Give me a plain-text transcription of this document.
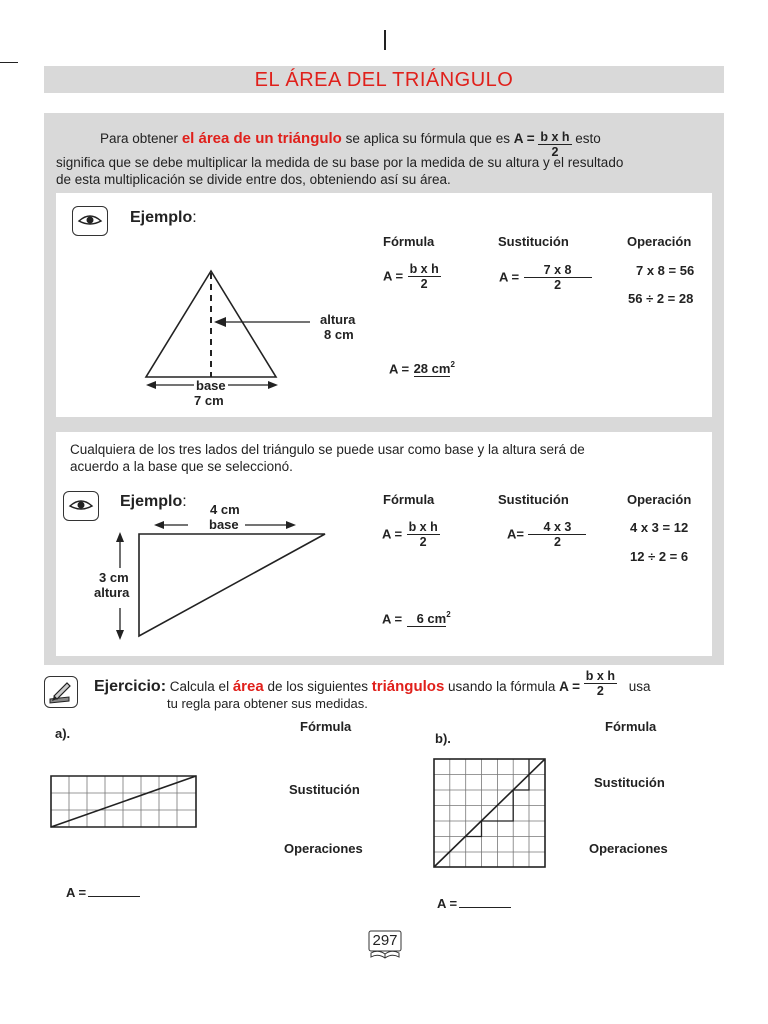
EL ÁREA DEL TRIÁNGULO
Para obtener el área de un triángulo se aplica su fórmula que es $A = \frac{\text{b x h}}{2}$ esto
significa que se debe multiplicar la medida de su base por la medida de su altura y el resultado
de esta multiplicación se divide entre dos, obteniendo así su área.
Ejemplo:
Fórmula	Sustitución	Operación
$A = \frac{\text{b x h}}{2}$	$A = \frac{7 x 8}{2}$	7 x 8 = 56
56 ÷ 2 = 28
altura
8 cm
base
7 cm
A = 28 $cm^2$
Cualquiera de los tres lados del triángulo se puede usar como base y la altura será de
acuerdo a la base que se seleccionó.
Ejemplo: 4 cm
base
3 cm
altura
Fórmula	Sustitución	Operación
$A = \frac{\text{b x h}}{2}$	$A= \frac{4 x 3}{2}$	4 x 3 = 12
12 ÷ 2 = 6
A = 6 $cm^2$
Ejercicio: Calcula el área de los siguientes triángulos usando la fórmula $A = \frac{\text{b x h}}{2}$ usa
tu regla para obtener sus medidas.
a).	Fórmula
Sustitución
Operaciones
A =
b).
Fórmula
Sustitución
Operaciones
A =
297
